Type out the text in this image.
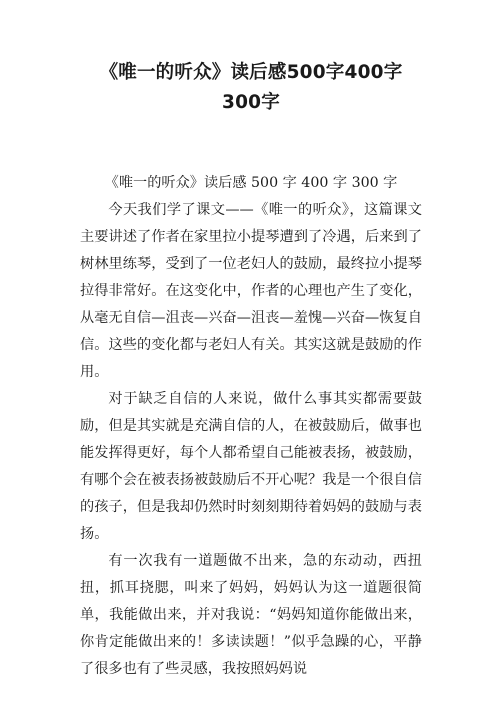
《唯一的听众》读后感500字400字300字

《唯一的听众》读后感 500 字 400 字 300 字

今天我们学了课文——《唯一的听众》，这篇课文主要讲述了作者在家里拉小提琴遭到了冷遇，后来到了树林里练琴，受到了一位老妇人的鼓励，最终拉小提琴拉得非常好。在这变化中，作者的心理也产生了变化，从毫无自信—沮丧—兴奋—沮丧—羞愧—兴奋—恢复自信。这些的变化都与老妇人有关。其实这就是鼓励的作用。

对于缺乏自信的人来说，做什么事其实都需要鼓励，但是其实就是充满自信的人，在被鼓励后，做事也能发挥得更好，每个人都希望自己能被表扬，被鼓励，有哪个会在被表扬被鼓励后不开心呢？我是一个很自信的孩子，但是我却仍然时时刻刻期待着妈妈的鼓励与表扬。

有一次我有一道题做不出来，急的东动动，西扭扭，抓耳挠腮，叫来了妈妈，妈妈认为这一道题很简单，我能做出来，并对我说：“妈妈知道你能做出来，你肯定能做出来的！多读读题！”似乎急躁的心，平静了很多也有了些灵感，我按照妈妈说
